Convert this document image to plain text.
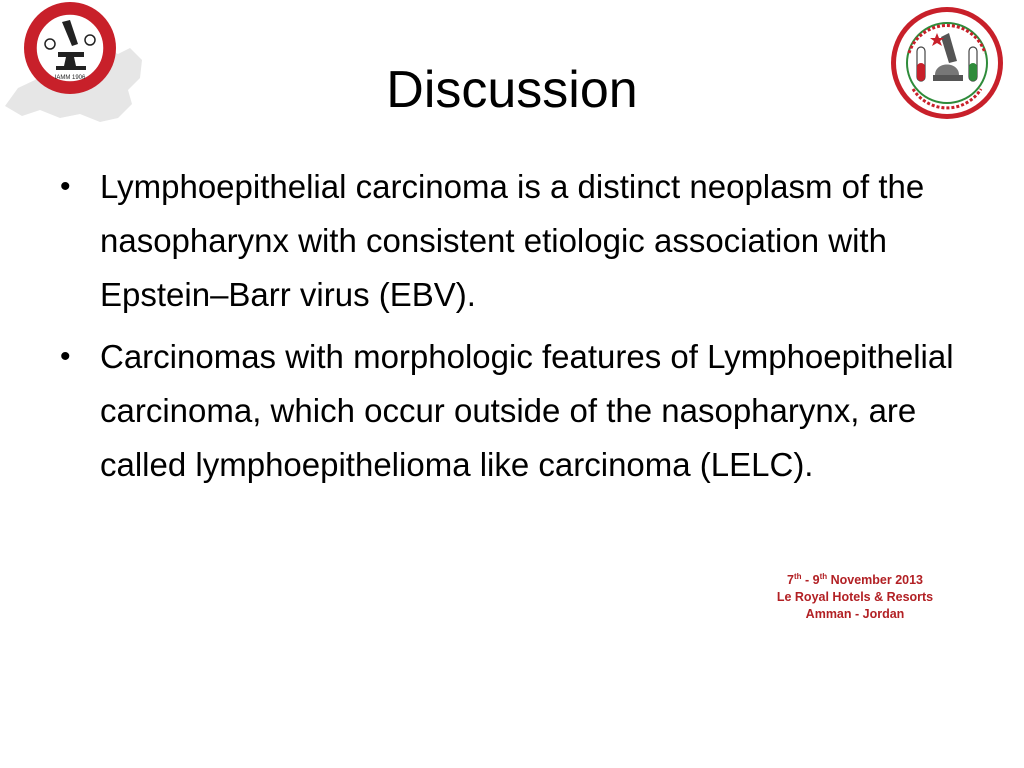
IAMM 1906	Discussion
• Lymphoepithelial carcinoma is a distinct neoplasm of the nasopharynx with consistent etiologic association with Epstein–Barr virus (EBV).
• Carcinomas with morphologic features of Lymphoepithelial carcinoma, which occur outside of the nasopharynx, are called lymphoepithelioma like carcinoma (LELC).
7th - 9th November 2013
Le Royal Hotels & Resorts
Amman - Jordan
